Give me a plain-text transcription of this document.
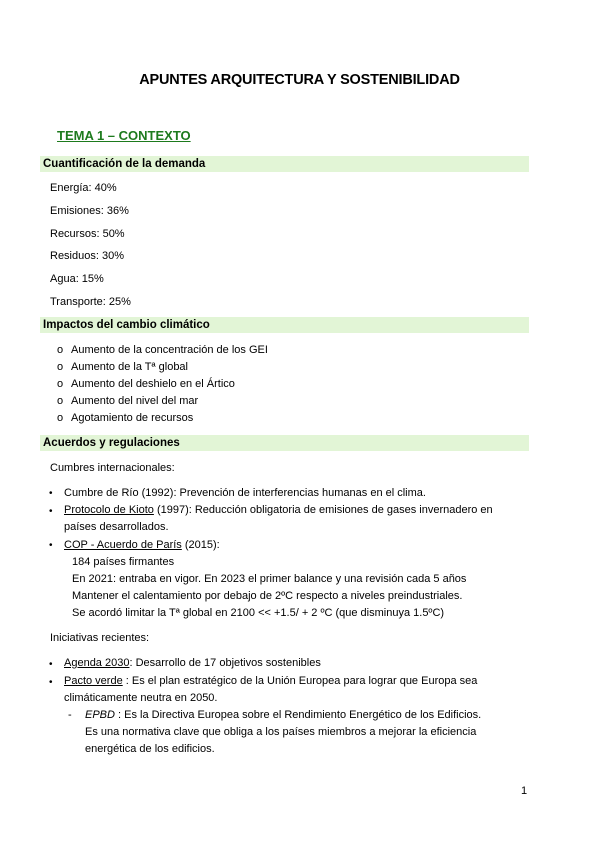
APUNTES ARQUITECTURA Y SOSTENIBILIDAD
TEMA 1 – CONTEXTO
Cuantificación de la demanda
Energía: 40%
Emisiones: 36%
Recursos: 50%
Residuos: 30%
Agua: 15%
Transporte: 25%
Impactos del cambio climático
o Aumento de la concentración de los GEI
o Aumento de la Tª global
o Aumento del deshielo en el Ártico
o Aumento del nivel del mar
o Agotamiento de recursos
Acuerdos y regulaciones
Cumbres internacionales:
• Cumbre de Río (1992): Prevención de interferencias humanas en el clima.
• Protocolo de Kioto (1997): Reducción obligatoria de emisiones de gases invernadero en
países desarrollados.
• COP - Acuerdo de París (2015):
184 países firmantes
En 2021: entraba en vigor. En 2023 el primer balance y una revisión cada 5 años
Mantener el calentamiento por debajo de 2ºC respecto a niveles preindustriales.
Se acordó limitar la Tª global en 2100 << +1.5/ + 2 ºC (que disminuya 1.5ºC)
Iniciativas recientes:
• Agenda 2030: Desarrollo de 17 objetivos sostenibles
• Pacto verde : Es el plan estratégico de la Unión Europea para lograr que Europa sea
climáticamente neutra en 2050.
- EPBD : Es la Directiva Europea sobre el Rendimiento Energético de los Edificios.
Es una normativa clave que obliga a los países miembros a mejorar la eficiencia
energética de los edificios.
1
